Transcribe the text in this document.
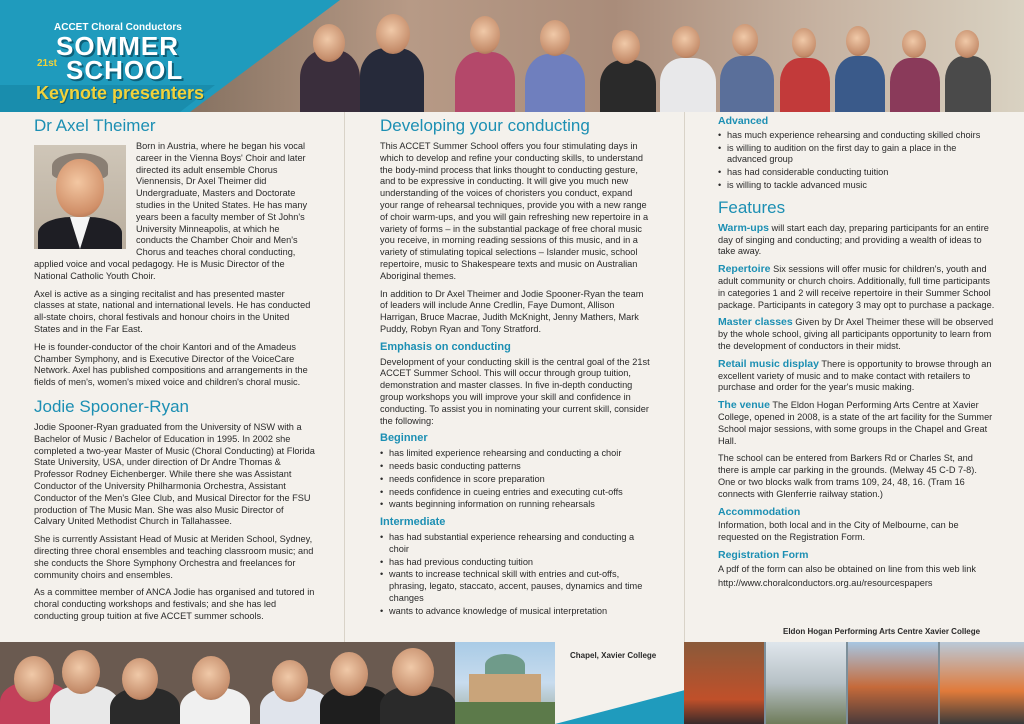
ACCET Choral Conductors
SOMMER
21st SCHOOL
Keynote presenters
Dr Axel Theimer

Born in Austria, where he began his vocal career in the Vienna Boys' Choir and later directed its adult ensemble Chorus Viennensis, Dr Axel Theimer did Undergraduate, Masters and Doctorate studies in the United States. He has many years been a faculty member of St John's University Minneapolis, at which he conducts the Chamber Choir and Men's Chorus and teaches choral conducting, applied voice and vocal pedagogy. He is Music Director of the National Catholic Youth Choir.

Axel is active as a singing recitalist and has presented master classes at state, national and international levels. He has conducted all-state choirs, choral festivals and honour choirs in the United States and in the Far East.

He is founder-conductor of the choir Kantori and of the Amadeus Chamber Symphony, and is Executive Director of the VoiceCare Network. Axel has published compositions and arrangements in the fields of men's, women's mixed voice and children's choral music.

Jodie Spooner-Ryan

Jodie Spooner-Ryan graduated from the University of NSW with a Bachelor of Music / Bachelor of Education in 1995. In 2002 she completed a two-year Master of Music (Choral Conducting) at Florida State University, USA, under direction of Dr Andre Thomas & Professor Rodney Eichenberger. While there she was Assistant Conductor of the University Philharmonia Orchestra, Assistant Conductor of the Men's Glee Club, and Musical Director for the FSU production of The Music Man. She was also Music Director of Calvary United Methodist Church in Tallahassee.

She is currently Assistant Head of Music at Meriden School, Sydney, directing three choral ensembles and teaching classroom music; and she conducts the Shore Symphony Orchestra and freelances for community choirs and ensembles.

As a committee member of ANCA Jodie has organised and tutored in choral conducting workshops and festivals; and she has led conducting group tuition at five ACCET summer schools.

Developing your conducting

This ACCET Summer School offers you four stimulating days in which to develop and refine your conducting skills, to understand the body-mind process that links thought to conducting gesture, and to be expressive in conducting. It will give you much new understanding of the voices of choristers you conduct, expand your range of rehearsal techniques, provide you with a new range of choir warm-ups, and you will gain refreshing new repertoire in a variety of forms – in the substantial package of free choral music you receive, in morning reading sessions of this music, and in a variety of stimulating topical selections – Islander music, school repertoire, music to Shakespeare texts and music on Australian Aboriginal themes.

In addition to Dr Axel Theimer and Jodie Spooner-Ryan the team of leaders will include Anne Credlin, Faye Dumont, Allison Harrigan, Bruce Macrae, Judith McKnight, Jenny Mathers, Mark Puddy, Robyn Ryan and Tony Stratford.

Emphasis on conducting

Development of your conducting skill is the central goal of the 21st ACCET Summer School. This will occur through group tuition, demonstration and master classes. In five in-depth conducting group workshops you will improve your skill and confidence in conducting. To assist you in nominating your current skill, consider the following:

Beginner
• has limited experience rehearsing and conducting a choir
• needs basic conducting patterns
• needs confidence in score preparation
• needs confidence in cueing entries and executing cut-offs
• wants beginning information on running rehearsals
Intermediate
• has had substantial experience rehearsing and conducting a choir
• has had previous conducting tuition
• wants to increase technical skill with entries and cut-offs, phrasing, legato, staccato, accent, pauses, dynamics and time changes
• wants to advance knowledge of musical interpretation
Advanced
• has much experience rehearsing and conducting skilled choirs
• is willing to audition on the first day to gain a place in the advanced group
• has had considerable conducting tuition
• is willing to tackle advanced music
Features

Warm-ups will start each day, preparing participants for an entire day of singing and conducting; and providing a wealth of ideas to take away.

Repertoire Six sessions will offer music for children's, youth and adult community or church choirs. Additionally, full time participants in categories 1 and 2 will receive repertoire in their Summer School package. Participants in category 3 may opt to purchase a package.

Master classes Given by Dr Axel Theimer these will be observed by the whole school, giving all participants opportunity to learn from the development of conductors in their midst.

Retail music display There is opportunity to browse through an excellent variety of music and to make contact with retailers to purchase and order for the year's music making.

The venue The Eldon Hogan Performing Arts Centre at Xavier College, opened in 2008, is a state of the art facility for the Summer School major sessions, with some groups in the Chapel and Great Hall.

The school can be entered from Barkers Rd or Charles St, and there is ample car parking in the grounds. (Melway 45 C-D 7-8). One or two blocks walk from trams 109, 24, 48, 16. (Tram 16 connects with Glenferrie railway station.)

Accommodation

Information, both local and in the City of Melbourne, can be requested on the Registration Form.

Registration Form

A pdf of the form can also be obtained on line from this web link

http://www.choralconductors.org.au/resourcespapers

Chapel, Xavier College
Eldon Hogan Performing Arts Centre Xavier College
